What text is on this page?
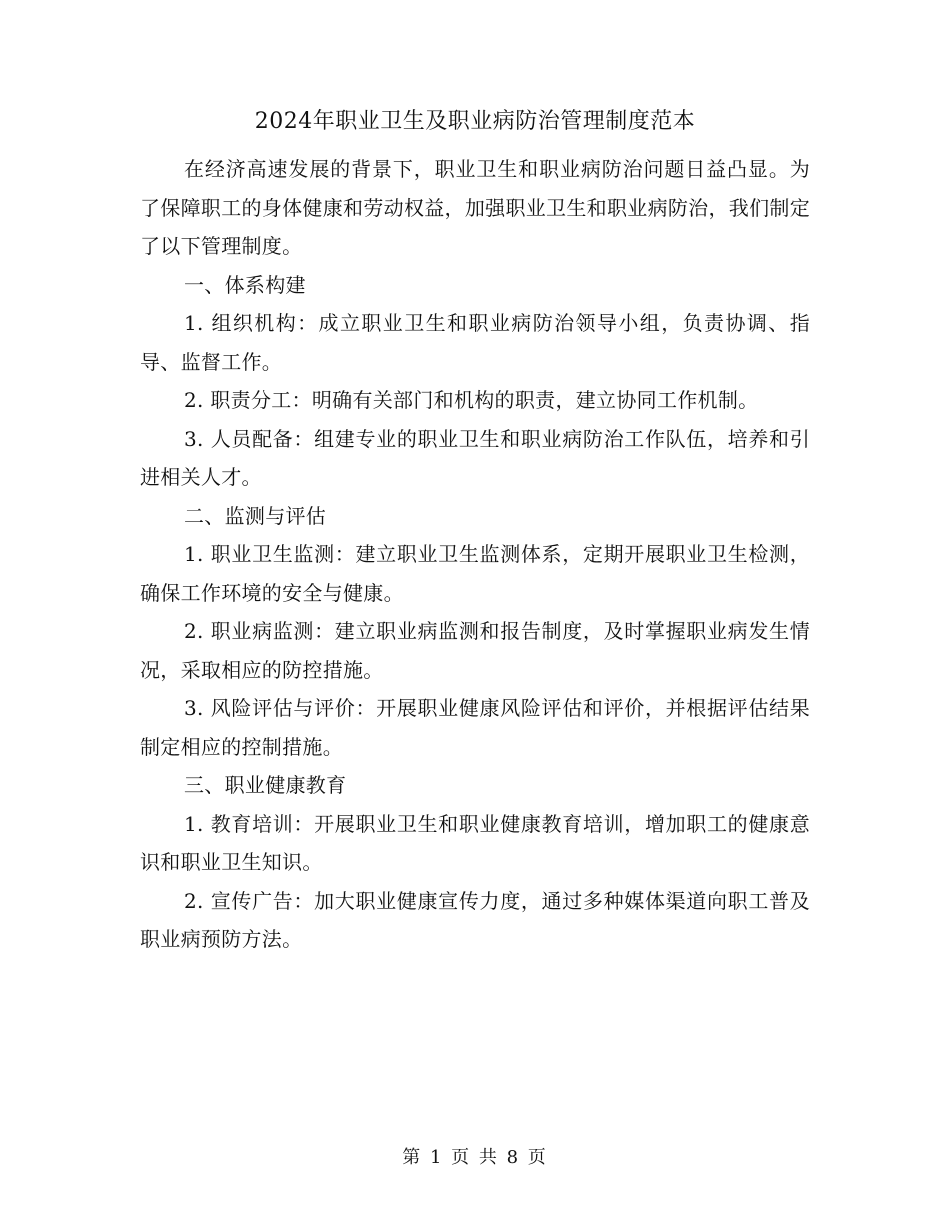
2024年职业卫生及职业病防治管理制度范本

在经济高速发展的背景下，职业卫生和职业病防治问题日益凸显。为了保障职工的身体健康和劳动权益，加强职业卫生和职业病防治，我们制定了以下管理制度。

一、体系构建

1. 组织机构：成立职业卫生和职业病防治领导小组，负责协调、指导、监督工作。

2. 职责分工：明确有关部门和机构的职责，建立协同工作机制。

3. 人员配备：组建专业的职业卫生和职业病防治工作队伍，培养和引进相关人才。

二、监测与评估

1. 职业卫生监测：建立职业卫生监测体系，定期开展职业卫生检测，确保工作环境的安全与健康。

2. 职业病监测：建立职业病监测和报告制度，及时掌握职业病发生情况，采取相应的防控措施。

3. 风险评估与评价：开展职业健康风险评估和评价，并根据评估结果制定相应的控制措施。

三、职业健康教育

1. 教育培训：开展职业卫生和职业健康教育培训，增加职工的健康意识和职业卫生知识。

2. 宣传广告：加大职业健康宣传力度，通过多种媒体渠道向职工普及职业病预防方法。

第 1 页 共 8 页
